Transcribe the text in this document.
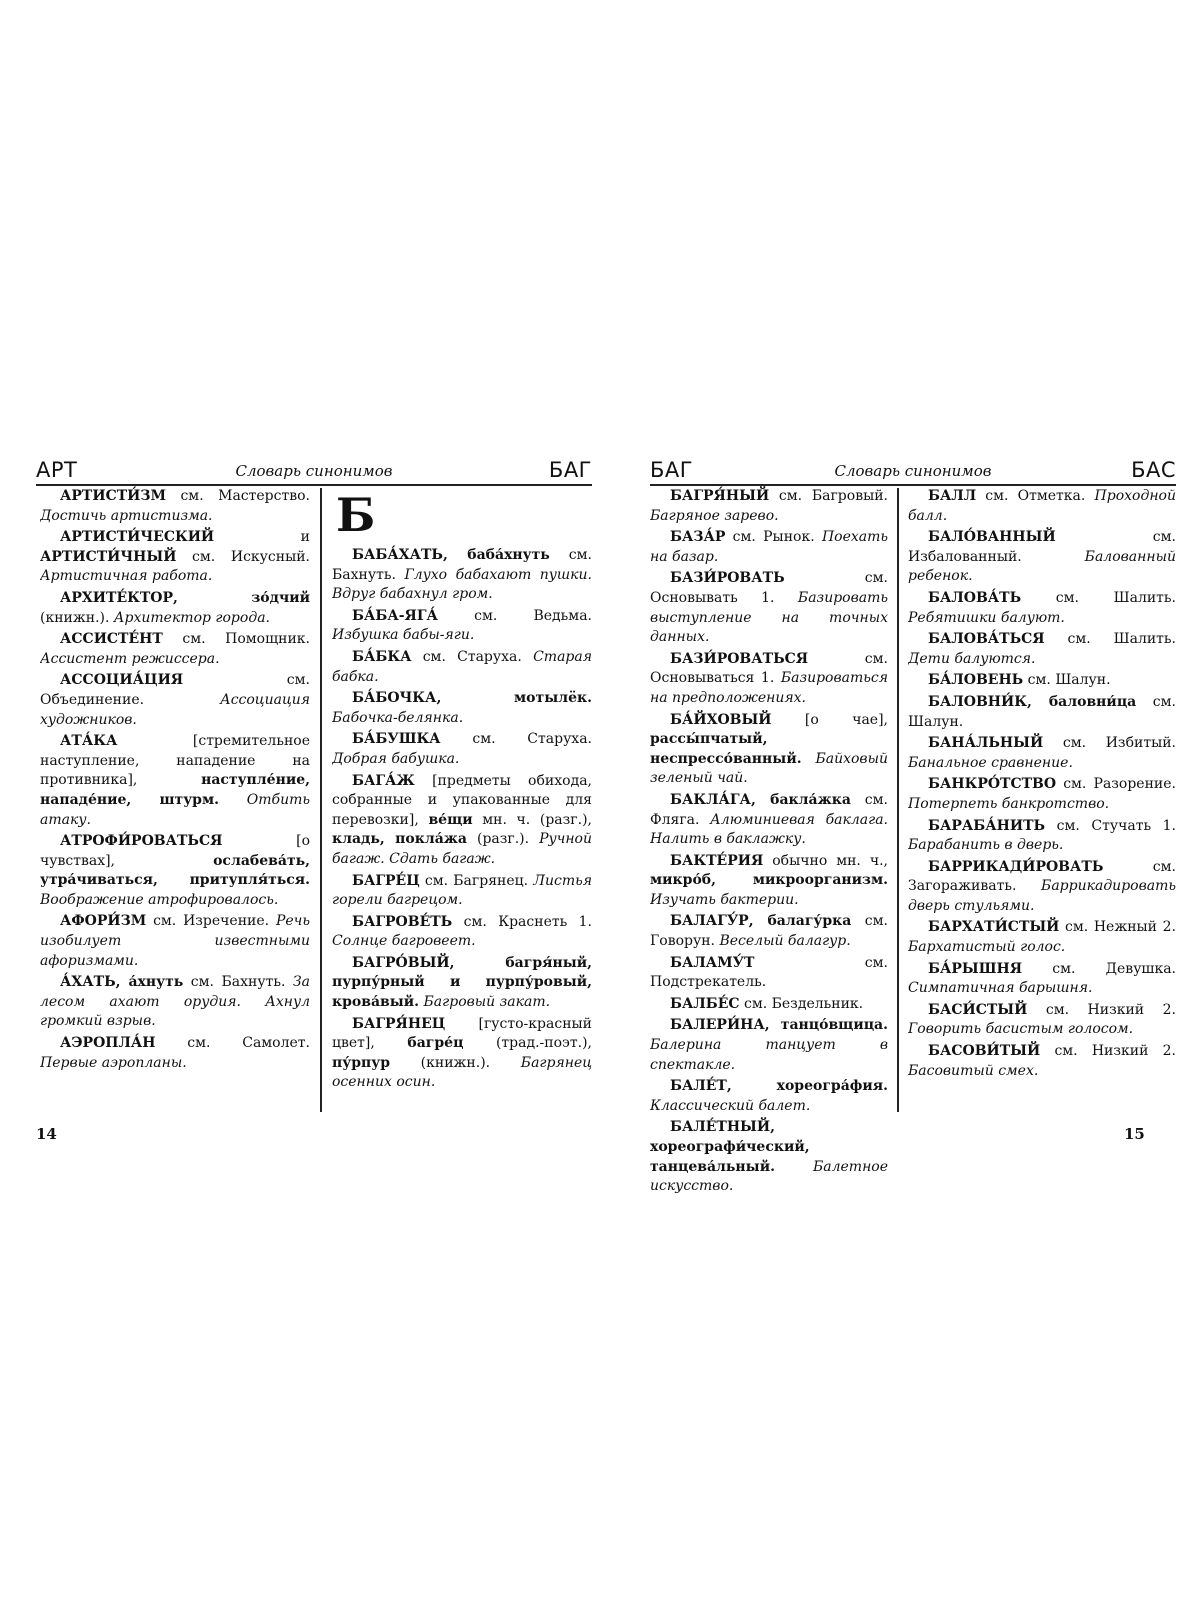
АРТ	Словарь синонимов	БАГ

АРТИСТИ́ЗМ см. Мастерство. Достичь артистизма.

АРТИСТИ́ЧЕСКИЙ и АРТИСТИ́ЧНЫЙ см. Искусный. Артистичная работа.

АРХИТЕ́КТОР, зо́дчий (книжн.). Архитектор города.

АССИСТЕ́НТ см. Помощник. Ассистент режиссера.

АССОЦИА́ЦИЯ см. Объединение. Ассоциация художников.

АТА́КА [стремительное наступление, нападение на противника], наступле́ние, нападе́ние, штурм. Отбить атаку.

АТРОФИ́РОВАТЬСЯ [о чувствах], ослабева́ть, утра́чиваться, притупля́ться. Воображение атрофировалось.

АФОРИ́ЗМ см. Изречение. Речь изобилует известными афоризмами.

А́ХАТЬ, а́хнуть см. Бахнуть. За лесом ахают орудия. Ахнул громкий взрыв.

АЭРОПЛА́Н см. Самолет. Первые аэропланы.

Б

БАБА́ХАТЬ, баба́хнуть см. Бахнуть. Глухо бабахают пушки. Вдруг бабахнул гром.

БА́БА-ЯГА́ см. Ведьма. Избушка бабы-яги.

БА́БКА см. Старуха. Старая бабка.

БА́БОЧКА, мотылёк. Бабочка-белянка.

БА́БУШКА см. Старуха. Добрая бабушка.

БАГА́Ж [предметы обихода, собранные и упакованные для перевозки], ве́щи мн. ч. (разг.), кладь, покла́жа (разг.). Ручной багаж. Сдать багаж.

БАГРЕ́Ц см. Багрянец. Листья горели багрецом.

БАГРОВЕ́ТЬ см. Краснеть 1. Солнце багровеет.

БАГРО́ВЫЙ, багря́ный, пурпу́рный и пурпу́ровый, крова́вый. Багровый закат.

БАГРЯ́НЕЦ [густо-красный цвет], багре́ц (трад.-поэт.), пу́рпур (книжн.). Багрянец осенних осин.

БАГ	Словарь синонимов	БАС

БАГРЯ́НЫЙ см. Багровый. Багряное зарево.

БАЗА́Р см. Рынок. Поехать на базар.

БАЗИ́РОВАТЬ см. Основывать 1. Базировать выступление на точных данных.

БАЗИ́РОВАТЬСЯ см. Основываться 1. Базироваться на предположениях.

БА́ЙХОВЫЙ [о чае], рассы́пчатый, неспрессо́ванный. Байховый зеленый чай.

БАКЛА́ГА, бакла́жка см. Фляга. Алюминиевая баклага. Налить в баклажку.

БАКТЕ́РИЯ обычно мн. ч., микро́б, микроорганизм. Изучать бактерии.

БАЛАГУ́Р, балагу́рка см. Говорун. Веселый балагур.

БАЛАМУ́Т см. Подстрекатель.

БАЛБЕ́С см. Бездельник.

БАЛЕРИ́НА, танцо́вщица. Балерина танцует в спектакле.

БАЛЕ́Т, хореогра́фия. Классический балет.

БАЛЕ́ТНЫЙ, хореографи́ческий, танцева́льный.	Балетное искусство.

БАЛЛ см. Отметка. Проходной балл.

БАЛО́ВАННЫЙ см. Избалованный. Балованный ребенок.

БАЛОВА́ТЬ см. Шалить. Ребятишки балуют.

БАЛОВА́ТЬСЯ см. Шалить. Дети балуются.

БА́ЛОВЕНЬ см. Шалун.

БАЛОВНИ́К, баловни́ца см. Шалун.

БАНА́ЛЬНЫЙ см. Избитый. Банальное сравнение.

БАНКРО́ТСТВО см. Разорение. Потерпеть банкротство.

БАРАБА́НИТЬ см. Стучать 1. Барабанить в дверь.

БАРРИКАДИ́РОВАТЬ см. Загораживать. Баррикадировать дверь стульями.

БАРХАТИ́СТЫЙ см. Нежный 2. Бархатистый голос.

БА́РЫШНЯ см. Девушка. Симпатичная барышня.

БАСИ́СТЫЙ см. Низкий 2. Говорить басистым голосом.

БАСОВИ́ТЫЙ см. Низкий 2. Басовитый смех.

14	15
